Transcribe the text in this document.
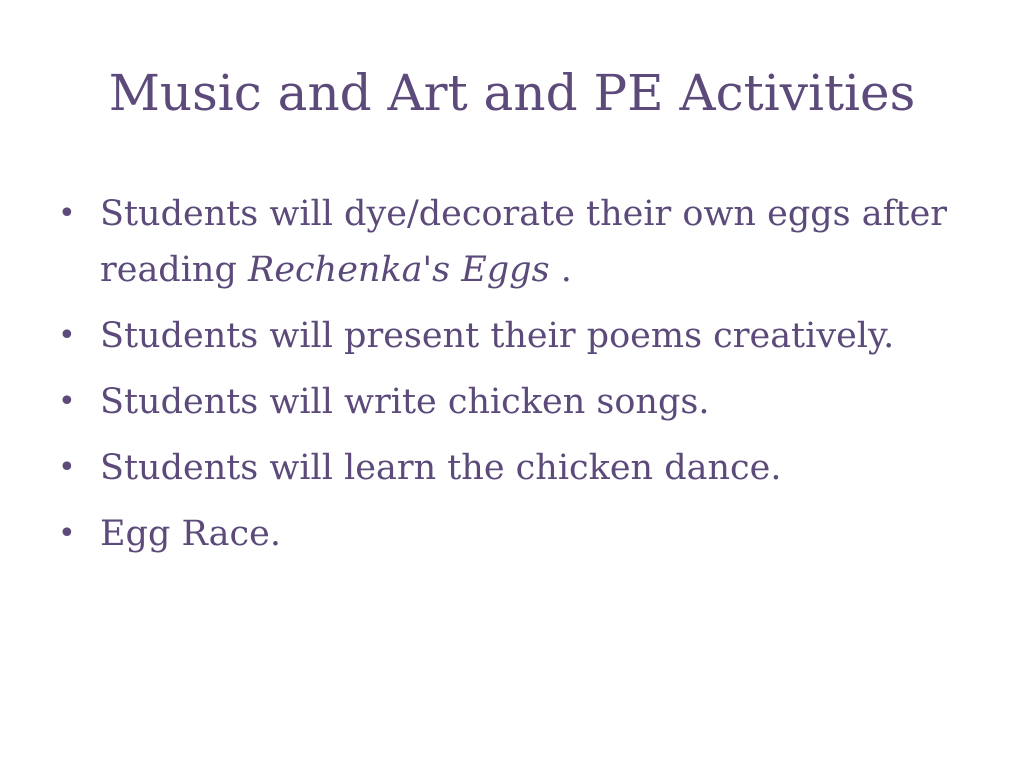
Music and Art and PE Activities
• Students will dye/decorate their own eggs after reading Rechenka's Eggs .
• Students will present their poems creatively.
• Students will write chicken songs.
• Students will learn the chicken dance.
• Egg Race.
